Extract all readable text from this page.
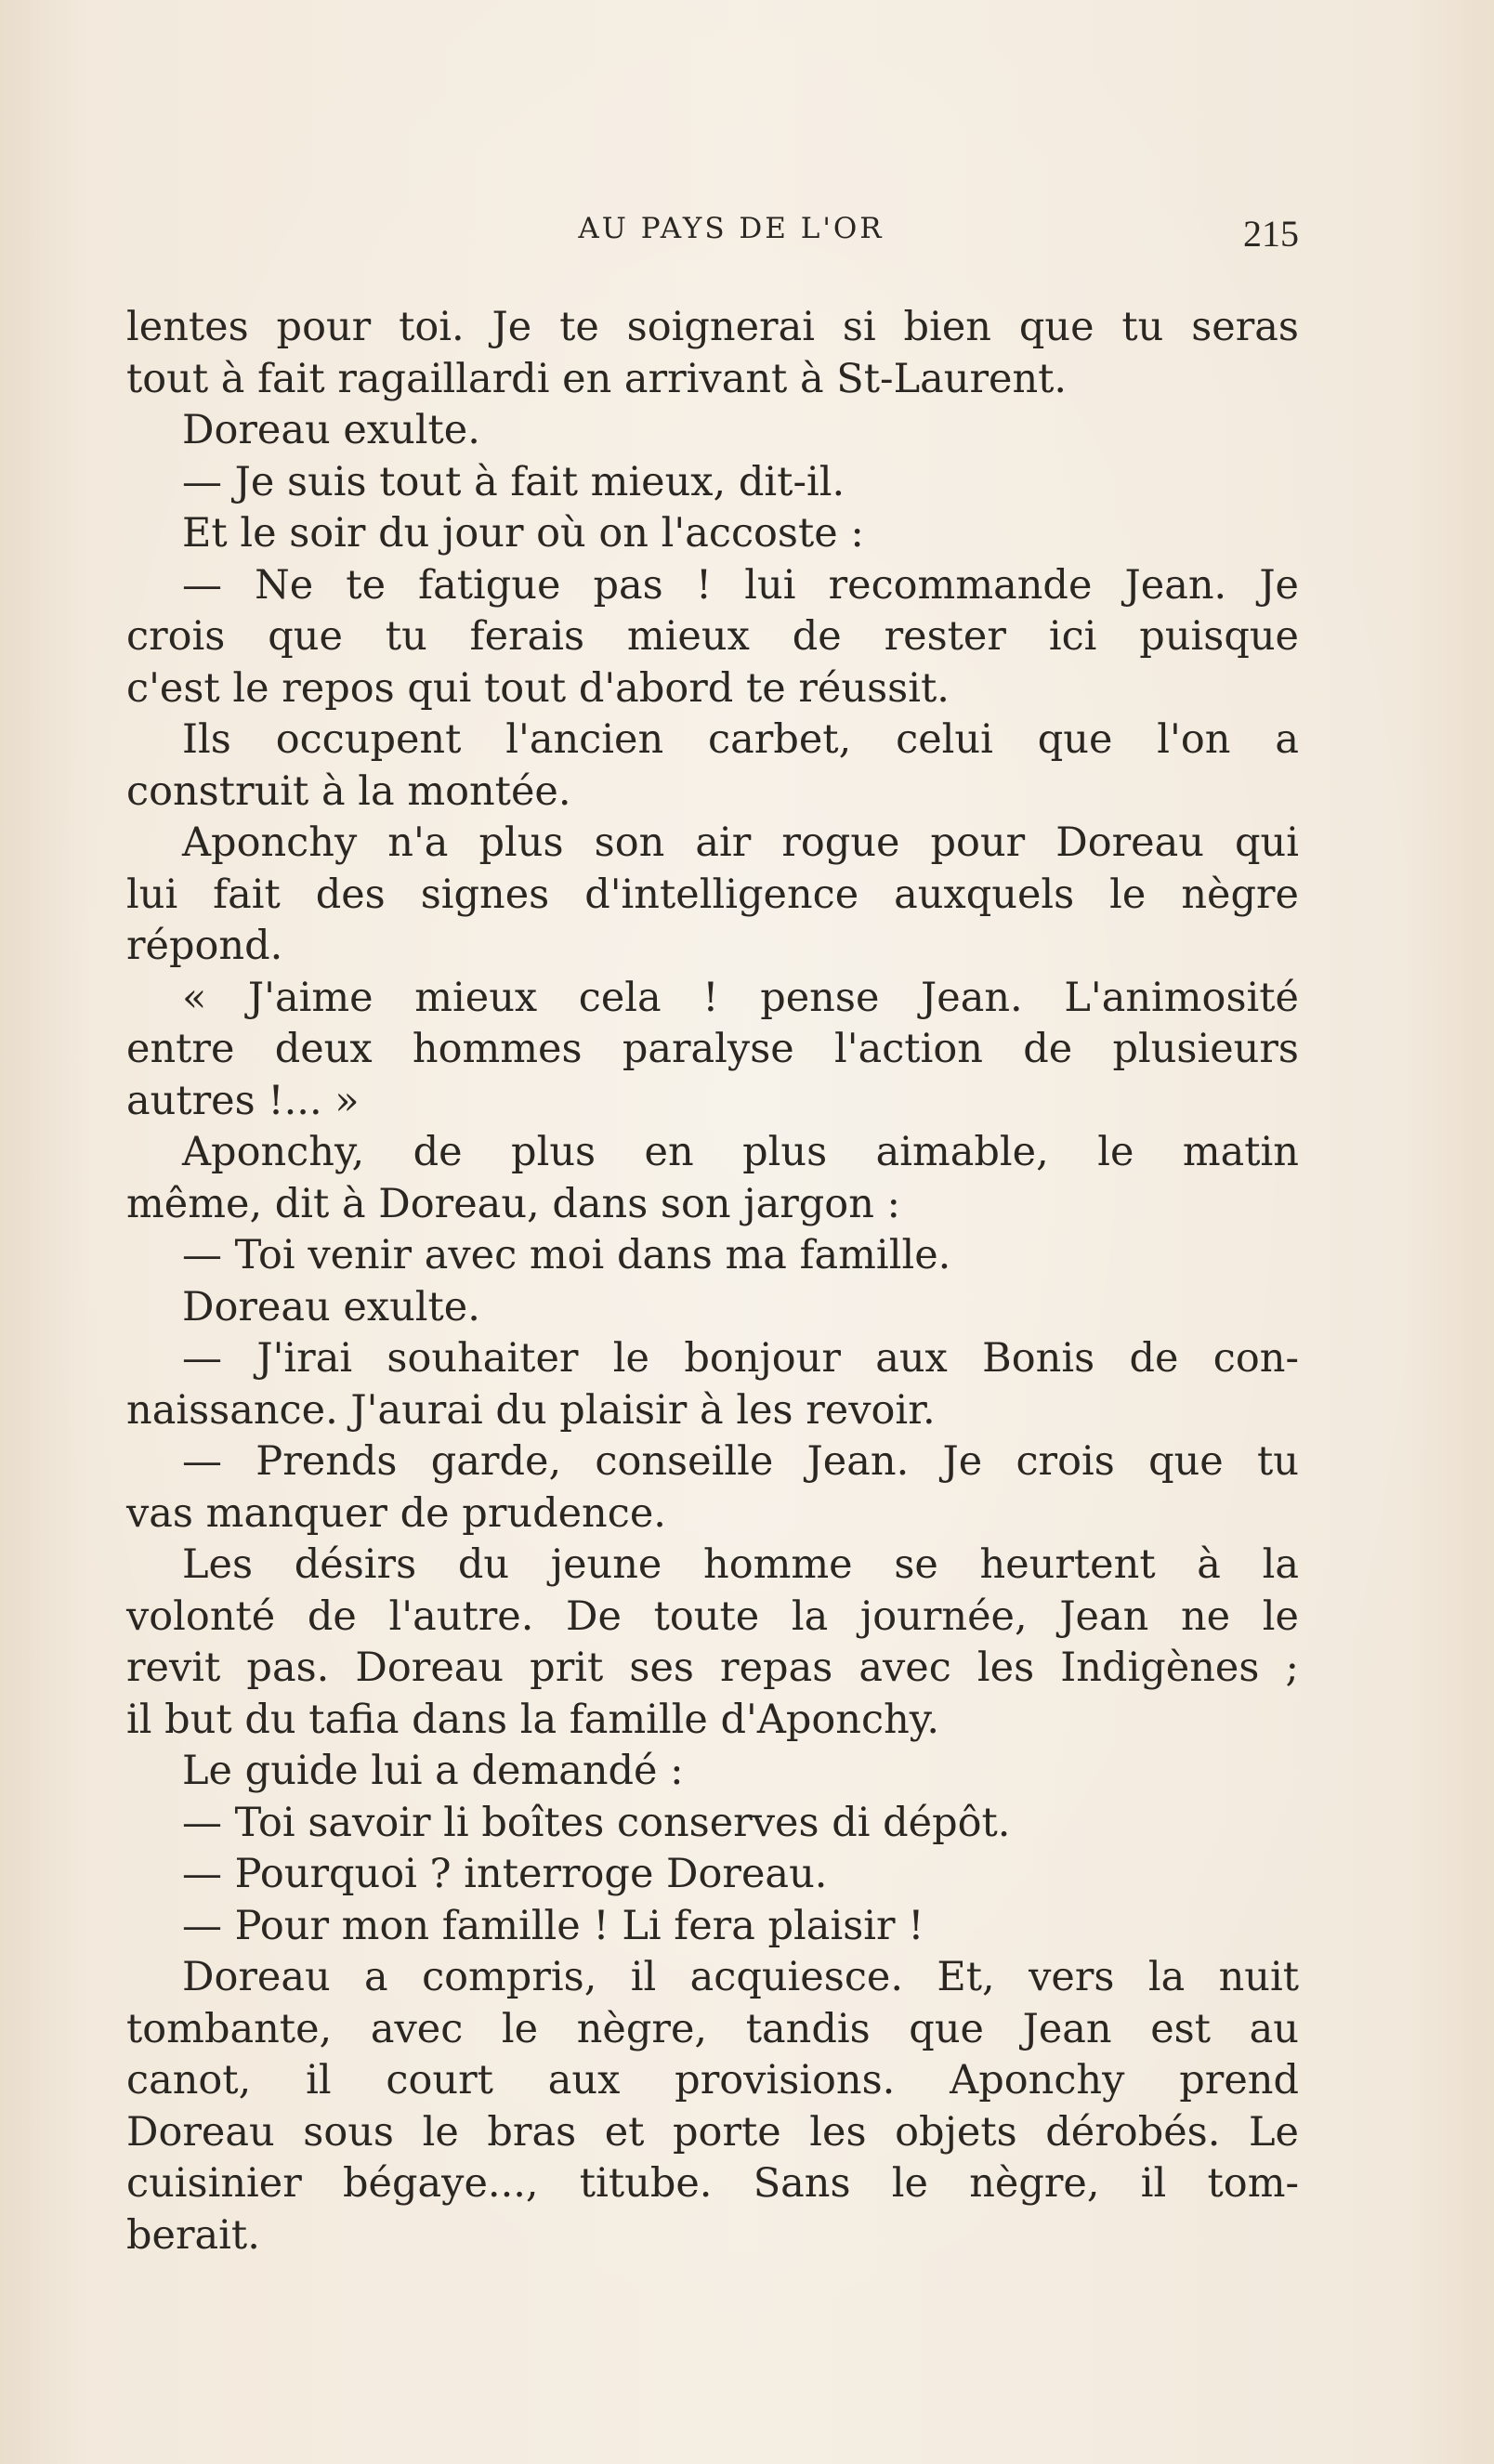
AU PAYS DE L'OR	215
lentes pour toi. Je te soignerai si bien que tu seras
tout à fait ragaillardi en arrivant à St-Laurent.
Doreau exulte.
— Je suis tout à fait mieux, dit-il.
Et le soir du jour où on l'accoste :
— Ne te fatigue pas ! lui recommande Jean. Je
crois que tu ferais mieux de rester ici puisque
c'est le repos qui tout d'abord te réussit.
Ils occupent l'ancien carbet, celui que l'on a
construit à la montée.
Aponchy n'a plus son air rogue pour Doreau qui
lui fait des signes d'intelligence auxquels le nègre
répond.
« J'aime mieux cela ! pense Jean. L'animosité
entre deux hommes paralyse l'action de plusieurs
autres !... »
Aponchy, de plus en plus aimable, le matin
même, dit à Doreau, dans son jargon :
— Toi venir avec moi dans ma famille.
Doreau exulte.
— J'irai souhaiter le bonjour aux Bonis de con-
naissance. J'aurai du plaisir à les revoir.
— Prends garde, conseille Jean. Je crois que tu
vas manquer de prudence.
Les désirs du jeune homme se heurtent à la
volonté de l'autre. De toute la journée, Jean ne le
revit pas. Doreau prit ses repas avec les Indigènes ;
il but du tafia dans la famille d'Aponchy.
Le guide lui a demandé :
— Toi savoir li boîtes conserves di dépôt.
— Pourquoi ? interroge Doreau.
— Pour mon famille ! Li fera plaisir !
Doreau a compris, il acquiesce. Et, vers la nuit
tombante, avec le nègre, tandis que Jean est au
canot, il court aux provisions. Aponchy prend
Doreau sous le bras et porte les objets dérobés. Le
cuisinier bégaye..., titube. Sans le nègre, il tom-
berait.
